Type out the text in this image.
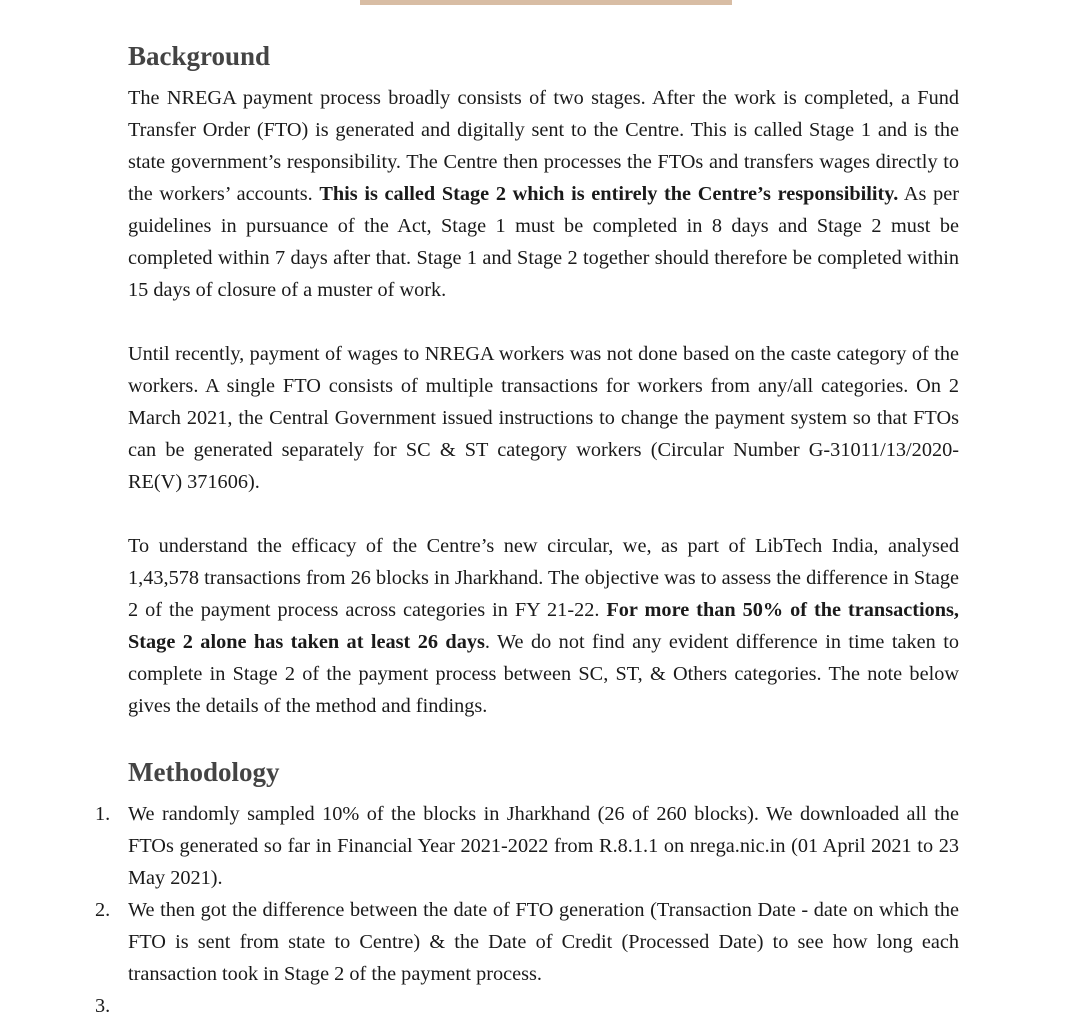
Background

The NREGA payment process broadly consists of two stages. After the work is completed, a Fund Transfer Order (FTO) is generated and digitally sent to the Centre. This is called Stage 1 and is the state government’s responsibility. The Centre then processes the FTOs and transfers wages directly to the workers’ accounts. This is called Stage 2 which is entirely the Centre’s responsibility. As per guidelines in pursuance of the Act, Stage 1 must be completed in 8 days and Stage 2 must be completed within 7 days after that. Stage 1 and Stage 2 together should therefore be completed within 15 days of closure of a muster of work.

Until recently, payment of wages to NREGA workers was not done based on the caste category of the workers. A single FTO consists of multiple transactions for workers from any/all categories. On 2 March 2021, the Central Government issued instructions to change the payment system so that FTOs can be generated separately for SC & ST category workers (Circular Number G-31011/13/2020-RE(V) 371606).

To understand the efficacy of the Centre’s new circular, we, as part of LibTech India, analysed 1,43,578 transactions from 26 blocks in Jharkhand. The objective was to assess the difference in Stage 2 of the payment process across categories in FY 21-22. For more than 50% of the transactions, Stage 2 alone has taken at least 26 days. We do not find any evident difference in time taken to complete in Stage 2 of the payment process between SC, ST, & Others categories. The note below gives the details of the method and findings.

Methodology
1. We randomly sampled 10% of the blocks in Jharkhand (26 of 260 blocks). We downloaded all the FTOs generated so far in Financial Year 2021-2022 from R.8.1.1 on nrega.nic.in (01 April 2021 to 23 May 2021).
2. We then got the difference between the date of FTO generation (Transaction Date - date on which the FTO is sent from state to Centre) & the Date of Credit (Processed Date) to see how long each transaction took in Stage 2 of the payment process.
3.
